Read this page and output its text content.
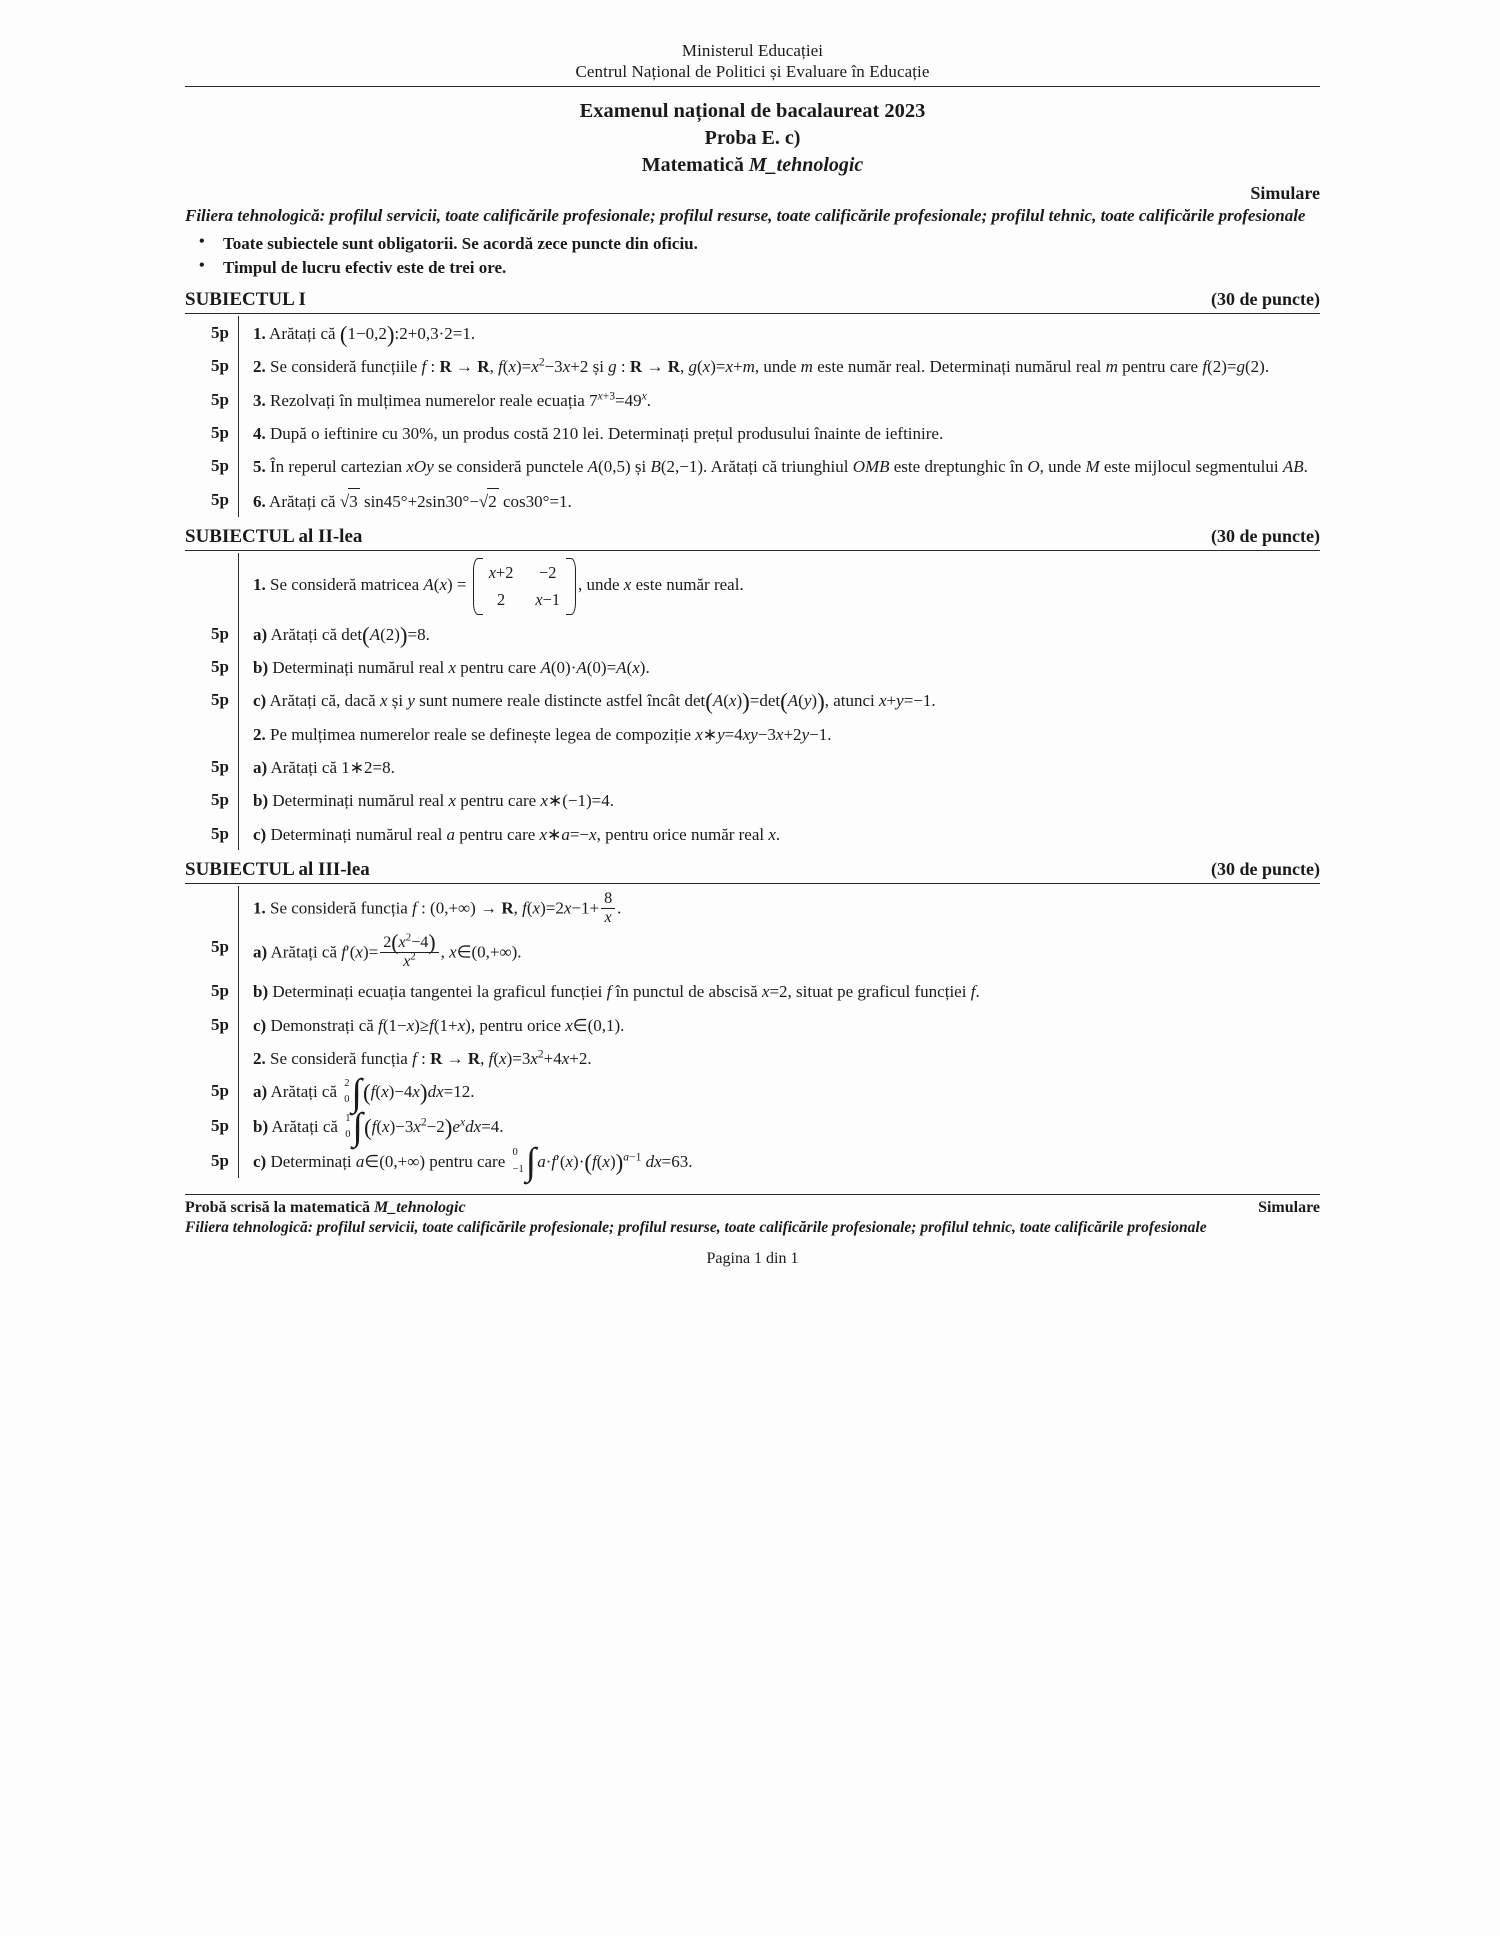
Ministerul Educației
Centrul Național de Politici și Evaluare în Educație
Examenul național de bacalaureat 2023
Proba E. c)
Matematică M_tehnologic
Simulare
Filiera tehnologică: profilul servicii, toate calificările profesionale; profilul resurse, toate calificările profesionale; profilul tehnic, toate calificările profesionale
• Toate subiectele sunt obligatorii. Se acordă zece puncte din oficiu.
• Timpul de lucru efectiv este de trei ore.
SUBIECTUL I	(30 de puncte)
5p	1. Arătați că (1−0,2):2+0,3·2=1.
5p	2. Se consideră funcțiile f : R → R, $f(x)=x^2-3x+2$ și g : R → R, g(x)=x+m, unde m este număr real. Determinați numărul real m pentru care f(2)=g(2).
5p	3. Rezolvați în mulțimea numerelor reale ecuația $7^{x+3}=49^x$.
5p	4. După o ieftinire cu 30%, un produs costă 210 lei. Determinați prețul produsului înainte de ieftinire.
5p	5. În reperul cartezian xOy se consideră punctele A(0,5) și B(2,−1). Arătați că triunghiul OMB este dreptunghic în O, unde M este mijlocul segmentului AB.
5p	6. Arătați că √3 sin45°+2sin30°−√2 cos30°=1.
SUBIECTUL al II-lea	(30 de puncte)
1. Se consideră matricea A(x) =
x+2 −2
2	x−1
, unde x este număr real.
5p	a) Arătați că det(A(2))=8.
5p	b) Determinați numărul real x pentru care A(0)·A(0)=A(x).
5p	c) Arătați că, dacă x și y sunt numere reale distincte astfel încât det(A(x))=det(A(y)), atunci x+y=−1.
2. Pe mulțimea numerelor reale se definește legea de compoziție x∗y=4xy−3x+2y−1.
5p	a) Arătați că 1∗2=8.
5p	b) Determinați numărul real x pentru care x∗(−1)=4.
5p	c) Determinați numărul real a pentru care x∗a=−x, pentru orice număr real x.
SUBIECTUL al III-lea	(30 de puncte)
1. Se consideră funcția f : (0,+∞) → R, $f(x)=2x-1+ \frac{8}{x}$ .
5p	a) Arătați că $f'(x)= \frac{2(x^2-4)}{x^2}$ , x∈(0,+∞).
5p	b) Determinați ecuația tangentei la graficul funcției f în punctul de abscisă x=2, situat pe graficul funcției f.
5p	c) Demonstrați că f(1−x)≥f(1+x), pentru orice x∈(0,1).
2. Se consideră funcția f : R → R, $f(x)=3x^2+4x+2$.
5p	a) Arătați că 2
0 ∫ (f(x)−4x)dx=12.
5p	b) Arătați că 1
0 ∫ $(f(x)-3x^2-2)e^xdx=4$.
5p	c) Determinați a∈(0,+∞) pentru care 0
−1 ∫ $a\cdot f'(x)\cdot(f(x))^{a-1}$ dx=63.
Probă scrisă la matematică M_tehnologic	Simulare
Filiera tehnologică: profilul servicii, toate calificările profesionale; profilul resurse, toate calificările profesionale; profilul tehnic, toate calificările profesionale
Pagina 1 din 1
